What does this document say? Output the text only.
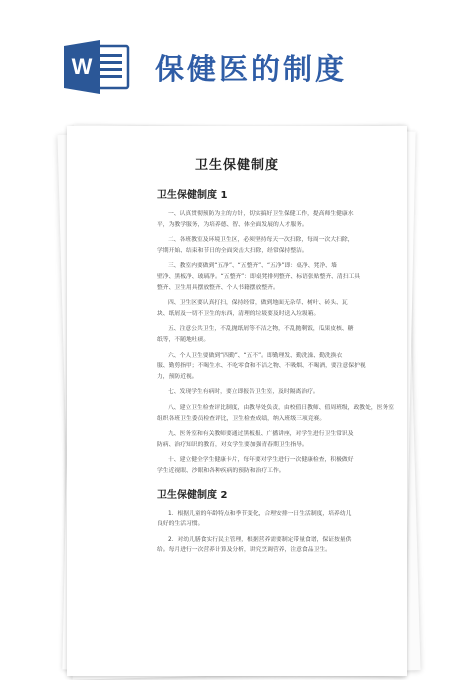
W 保健医的制度
卫生保健制度
卫生保健制度 1
一、认真贯彻预防为主的方针，切实搞好卫生保健工作，提高师生健康水
平，为教学服务，为培养德、智、体全面发展的人才服务。
二、各班教室及环境卫生区，必须坚持每天一次扫除，每周一次大扫除，
学期开始、结束和节日的全面突击大扫除，经常保持整洁。
三、教室内要做到“五净”、“五整齐”、“五净”即：桌净、凳净、墙
壁净、黑板净、玻璃净。“五整齐”：即桌凳排列整齐、标语张贴整齐、清扫工具
整齐、卫生用具摆放整齐、个人书籍摆放整齐。
四、卫生区要认真打扫，保持经常，做到地面无杂草、树叶、砖头、瓦
块、纸屑及一切不卫生的东西，清理的垃圾要及时送入垃圾箱。
五、注意公共卫生，不乱抛纸屑等不洁之物，不乱抛剩饭，瓜果皮核、糖
纸等，不随地吐痰。
六、个人卫生要做到“四勤”、“五不”。即勤理发、勤洗澡、勤洗换衣
服、勤剪指甲；不喝生水、不吃零食和不洁之物、不吸烟、不喝酒，要注意保护视
力，预防近视。
七、发现学生有病时，要立即报告卫生室，及时隔离治疗。
八、建立卫生检查评比制度，由教导处负责，由校值日教师、值周班级，政教处，医务室
组织各班卫生委员检查评比，卫生检查成绩，纳入班级三项竞赛。
九、医务室和有关教师要通过黑板报、广播讲座，对学生进行卫生常识及
防病、治疗知识的教育，对女学生要加强青春期卫生指导。
十、建立健全学生健康卡片，每年要对学生进行一次健康检查，积极做好
学生近视眼、沙眼和各种疾病的预防和治疗工作。
卫生保健制度 2
1．根据儿童的年龄特点和季节变化，合理安排一日生活制度，培养幼儿
良好的生活习惯。
2．对幼儿膳食实行民主管理，根据营养需要制定带量食谱，保证按量供
给。每月进行一次营养计算及分析，讲究烹调营养，注意食品卫生。
